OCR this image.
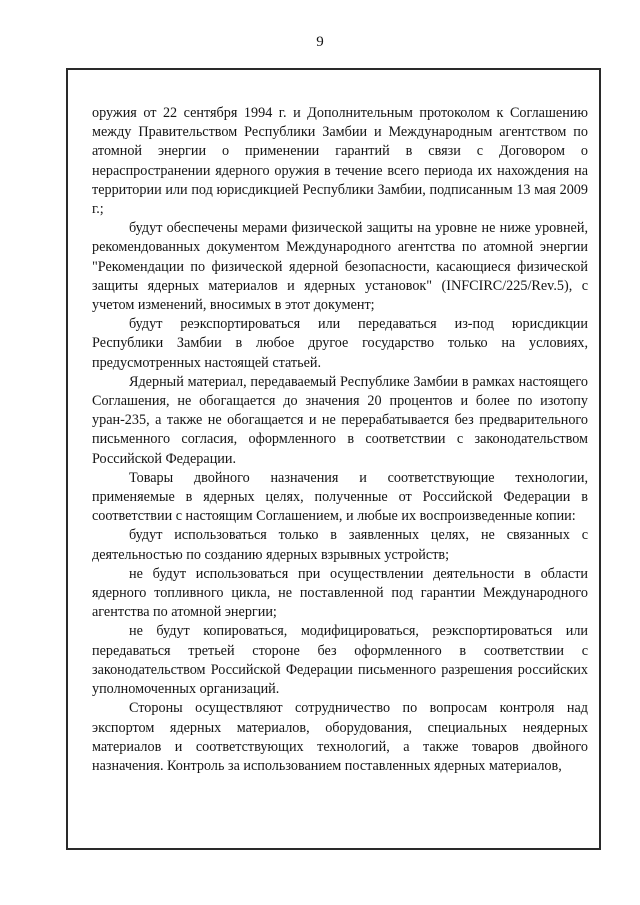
9

оружия от 22 сентября 1994 г. и Дополнительным протоколом к Соглашению между Правительством Республики Замбии и Международным агентством по атомной энергии о применении гарантий в связи с Договором о нераспространении ядерного оружия в течение всего периода их нахождения на территории или под юрисдикцией Республики Замбии, подписанным 13 мая 2009 г.;

будут обеспечены мерами физической защиты на уровне не ниже уровней, рекомендованных документом Международного агентства по атомной энергии "Рекомендации по физической ядерной безопасности, касающиеся физической защиты ядерных материалов и ядерных установок" (INFCIRC/225/Rev.5), с учетом изменений, вносимых в этот документ;

будут реэкспортироваться или передаваться из-под юрисдикции Республики Замбии в любое другое государство только на условиях, предусмотренных настоящей статьей.

Ядерный материал, передаваемый Республике Замбии в рамках настоящего Соглашения, не обогащается до значения 20 процентов и более по изотопу уран-235, а также не обогащается и не перерабатывается без предварительного письменного согласия, оформленного в соответствии с законодательством Российской Федерации.

Товары двойного назначения и соответствующие технологии, применяемые в ядерных целях, полученные от Российской Федерации в соответствии с настоящим Соглашением, и любые их воспроизведенные копии:

будут использоваться только в заявленных целях, не связанных с деятельностью по созданию ядерных взрывных устройств;

не будут использоваться при осуществлении деятельности в области ядерного топливного цикла, не поставленной под гарантии Международного агентства по атомной энергии;

не будут копироваться, модифицироваться, реэкспортироваться или передаваться третьей стороне без оформленного в соответствии с законодательством Российской Федерации письменного разрешения российских уполномоченных организаций.

Стороны осуществляют сотрудничество по вопросам контроля над экспортом ядерных материалов, оборудования, специальных неядерных материалов и соответствующих технологий, а также товаров двойного назначения. Контроль за использованием поставленных ядерных материалов,
